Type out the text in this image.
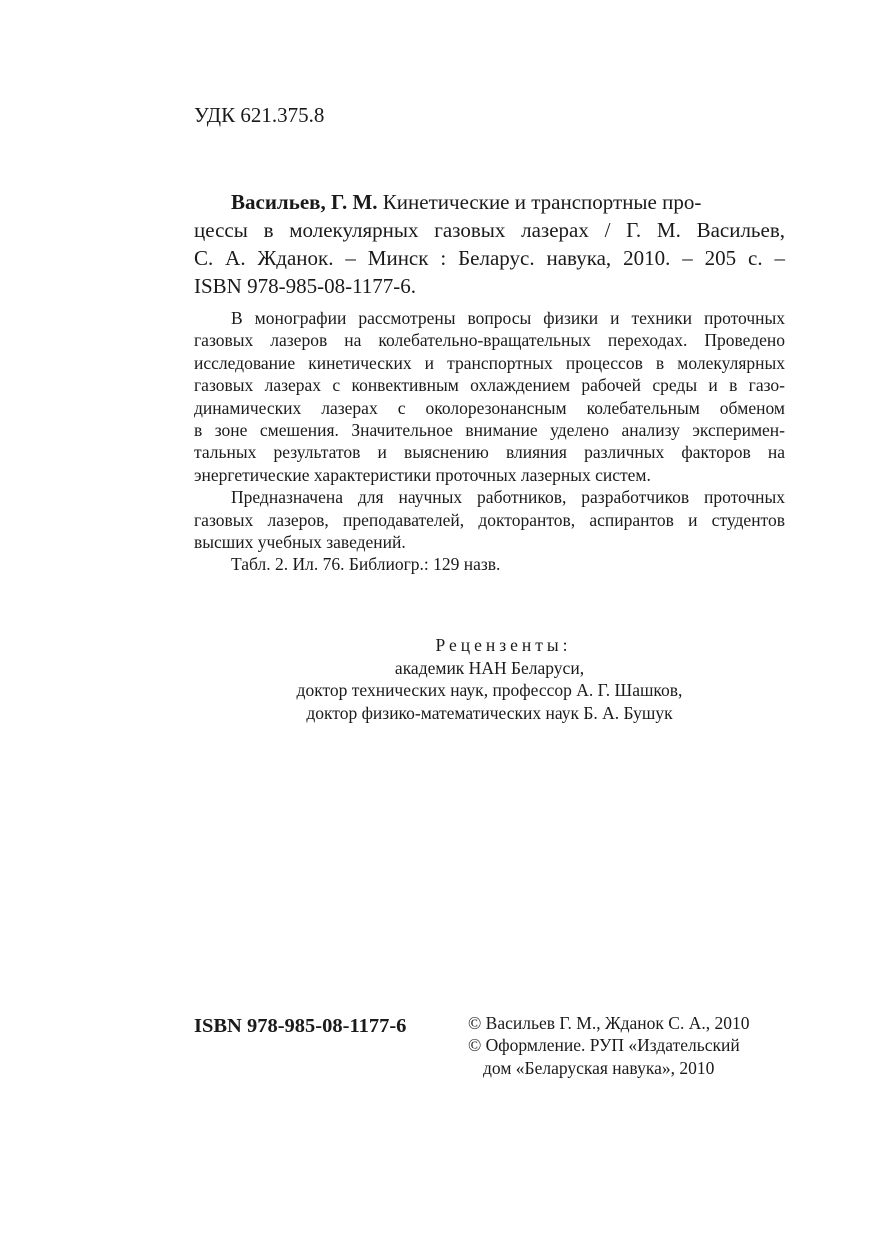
УДК 621.375.8
Васильев, Г. М. Кинетические и транспортные про-
цессы в молекулярных газовых лазерах / Г. М. Васильев,
С. А. Жданок. – Минск : Беларус. навука, 2010. – 205 с. –
ISBN 978-985-08-1177-6.

В монографии рассмотрены вопросы физики и техники проточных
газовых лазеров на колебательно-вращательных переходах. Проведено
исследование кинетических и транспортных процессов в молекулярных
газовых лазерах с конвективным охлаждением рабочей среды и в газо-
динамических лазерах с околорезонансным колебательным обменом
в зоне смешения. Значительное внимание уделено анализу эксперимен-
тальных результатов и выяснению влияния различных факторов на
энергетические характеристики проточных лазерных систем.

Предназначена для научных работников, разработчиков проточных
газовых лазеров, преподавателей, докторантов, аспирантов и студентов
высших учебных заведений.

Табл. 2. Ил. 76. Библиогр.: 129 назв.

Рецензенты:
академик НАН Беларуси,
доктор технических наук, профессор А. Г. Шашков,
доктор физико-математических наук Б. А. Бушук
ISBN 978-985-08-1177-6	© Васильев Г. М., Жданок С. А., 2010
© Оформление. РУП «Издательский
дом «Беларуская навука», 2010
